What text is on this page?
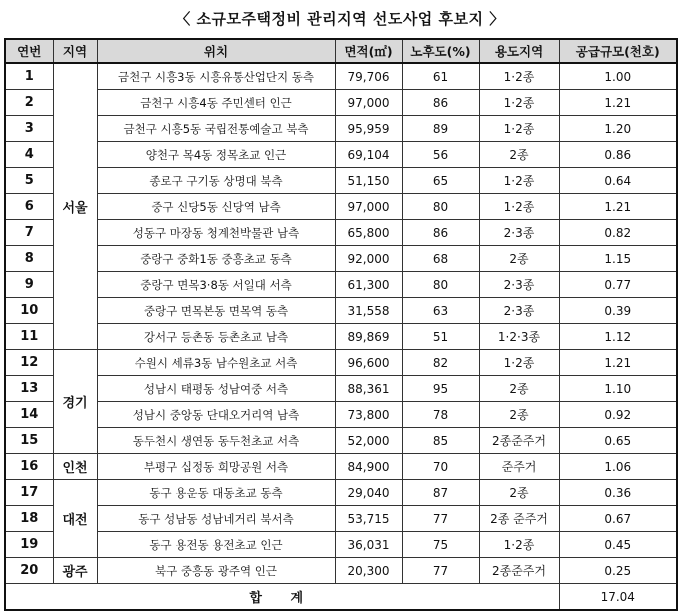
〈 소규모주택정비 관리지역 선도사업 후보지 〉
연번	지역	위치	면적(㎡)	노후도(%)	용도지역	공급규모(천호)
1	서울	금천구 시흥3동 시흥유통산업단지 동측	79,706	61	1·2종	1.00
2		금천구 시흥4동 주민센터 인근	97,000	86	1·2종	1.21
3		금천구 시흥5동 국립전통예술고 북측	95,959	89	1·2종	1.20
4		양천구 목4동 정목초교 인근	69,104	56	2종	0.86
5		종로구 구기동 상명대 북측	51,150	65	1·2종	0.64
6		중구 신당5동 신당역 남측	97,000	80	1·2종	1.21
7		성동구 마장동 청계천박물관 남측	65,800	86	2·3종	0.82
8		중랑구 중화1동 중흥초교 동측	92,000	68	2종	1.15
9		중랑구 면목3·8동 서일대 서측	61,300	80	2·3종	0.77
10		중랑구 면목본동 면목역 동측	31,558	63	2·3종	0.39
11		강서구 등촌동 등촌초교 남측	89,869	51	1·2·3종	1.12
12	경기	수원시 세류3동 남수원초교 서측	96,600	82	1·2종	1.21
13		성남시 태평동 성남여중 서측	88,361	95	2종	1.10
14		성남시 중앙동 단대오거리역 남측	73,800	78	2종	0.92
15		동두천시 생연동 동두천초교 서측	52,000	85	2종준주거	0.65
16	인천	부평구 십정동 희망공원 서측	84,900	70	준주거	1.06
17	대전	동구 용운동 대동초교 동측	29,040	87	2종	0.36
18		동구 성남동 성남네거리 북서측	53,715	77	2종 준주거	0.67
19		동구 용전동 용전초교 인근	36,031	75	1·2종	0.45
20	광주	북구 중흥동 광주역 인근	20,300	77	2종준주거	0.25
합 계						17.04
